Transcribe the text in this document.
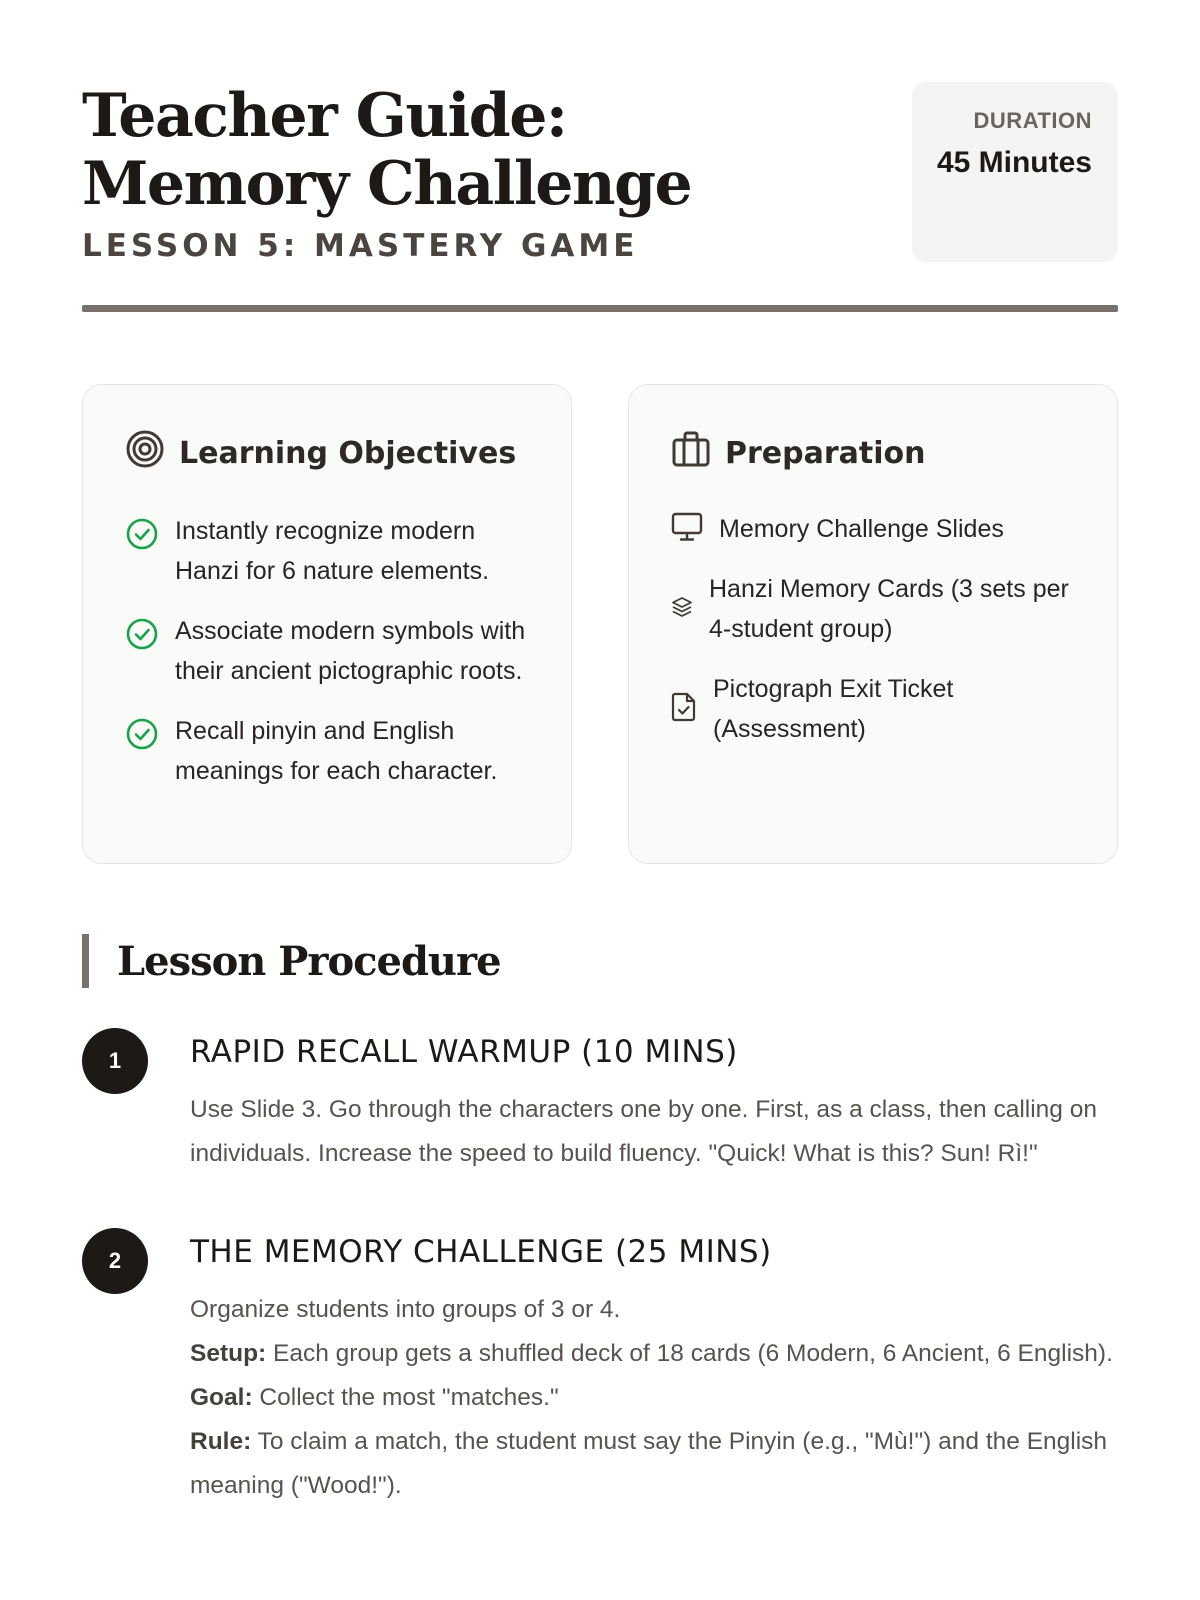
Teacher Guide: Memory Challenge
LESSON 5: MASTERY GAME
DURATION
45 Minutes
Learning Objectives
Instantly recognize modern Hanzi for 6 nature elements.
Associate modern symbols with their ancient pictographic roots.
Recall pinyin and English meanings for each character.
Preparation
Memory Challenge Slides
Hanzi Memory Cards (3 sets per 4-student group)
Pictograph Exit Ticket (Assessment)
Lesson Procedure
1	RAPID RECALL WARMUP (10 MINS)

Use Slide 3. Go through the characters one by one. First, as a class, then calling on individuals. Increase the speed to build fluency. "Quick! What is this? Sun! Rì!"

2	THE MEMORY CHALLENGE (25 MINS)
Organize students into groups of 3 or 4.
Setup: Each group gets a shuffled deck of 18 cards (6 Modern, 6 Ancient, 6 English).
Goal: Collect the most "matches."
Rule: To claim a match, the student must say the Pinyin (e.g., "Mù!") and the English meaning ("Wood!").
